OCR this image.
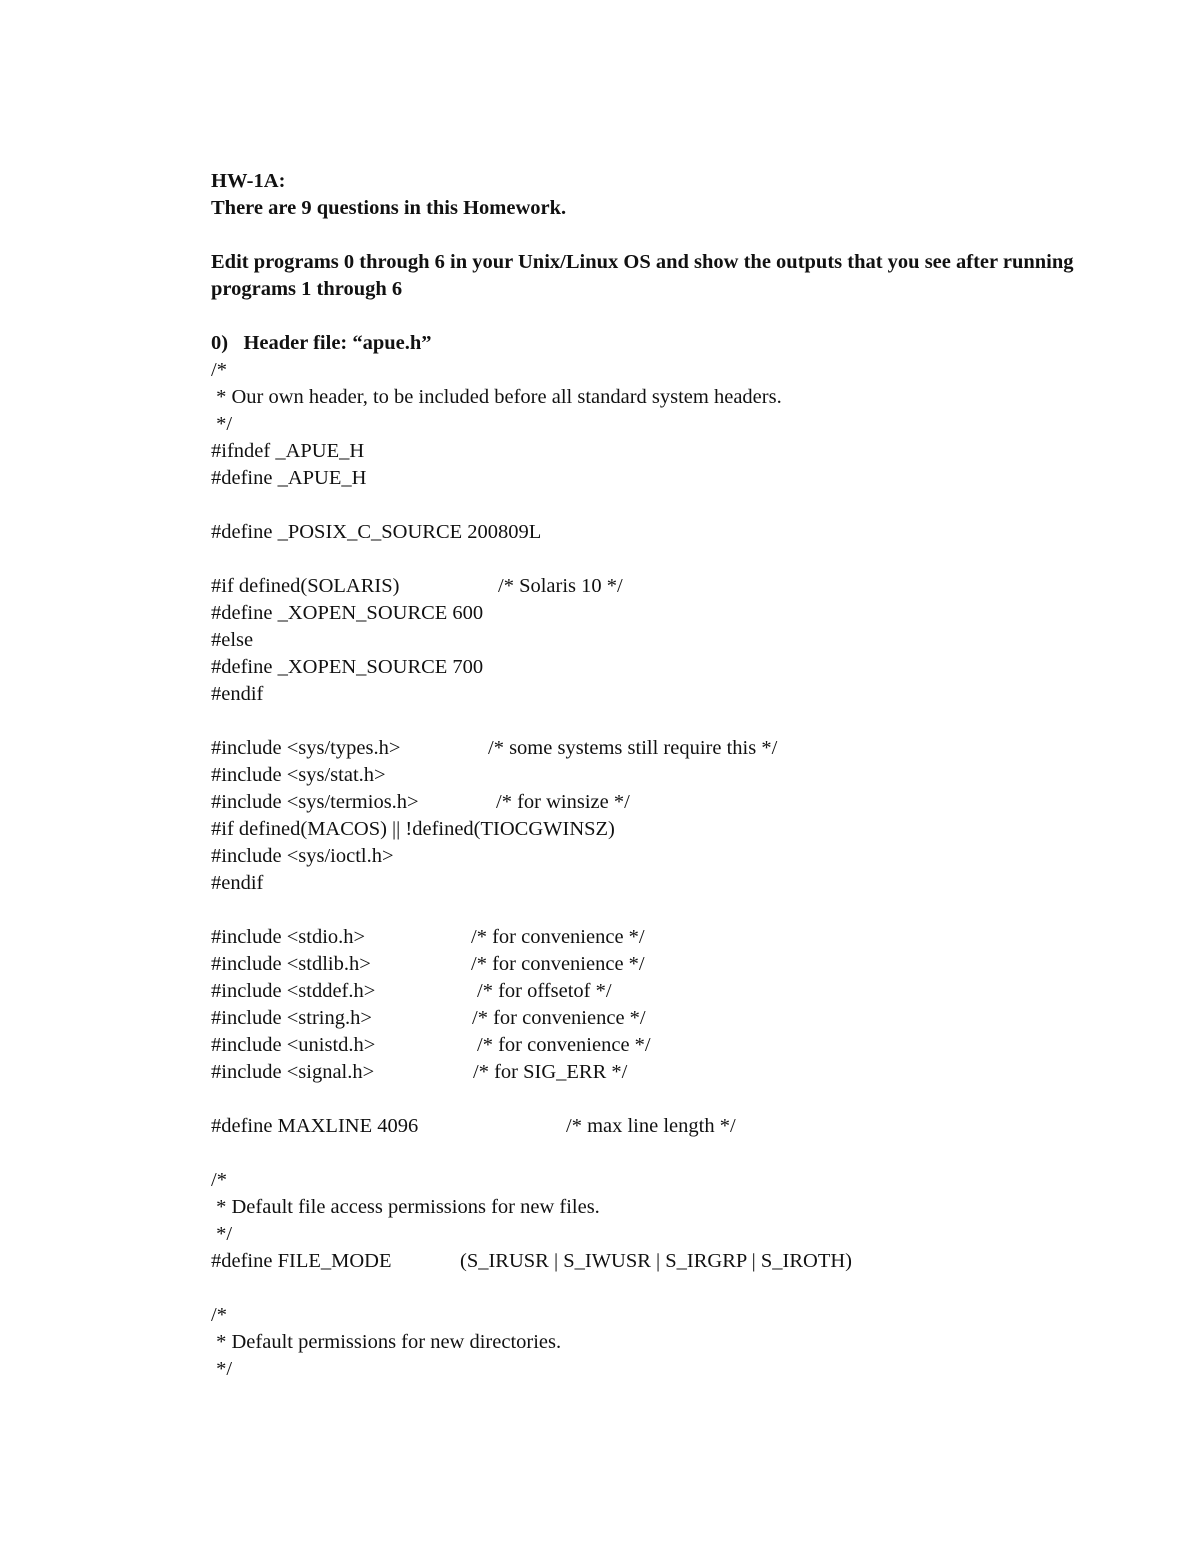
HW-1A:
There are 9 questions in this Homework.
Edit programs 0 through 6 in your Unix/Linux OS and show the outputs that you see after running programs 1 through 6
0)   Header file: “apue.h”
/*
* Our own header, to be included before all standard system headers.
*/
#ifndef _APUE_H
#define _APUE_H
#define _POSIX_C_SOURCE 200809L
#if defined(SOLARIS)	/* Solaris 10 */
#define _XOPEN_SOURCE 600
#else
#define _XOPEN_SOURCE 700
#endif
#include <sys/types.h>	/* some systems still require this */
#include <sys/stat.h>
#include <sys/termios.h>	/* for winsize */
#if defined(MACOS) || !defined(TIOCGWINSZ)
#include <sys/ioctl.h>
#endif
#include <stdio.h>	/* for convenience */
#include <stdlib.h>	/* for convenience */
#include <stddef.h>	/* for offsetof */
#include <string.h>	/* for convenience */
#include <unistd.h>	/* for convenience */
#include <signal.h>	/* for SIG_ERR */
#define MAXLINE 4096	/* max line length */
/*
* Default file access permissions for new files.
*/
#define FILE_MODE	(S_IRUSR | S_IWUSR | S_IRGRP | S_IROTH)
/*
* Default permissions for new directories.
*/
